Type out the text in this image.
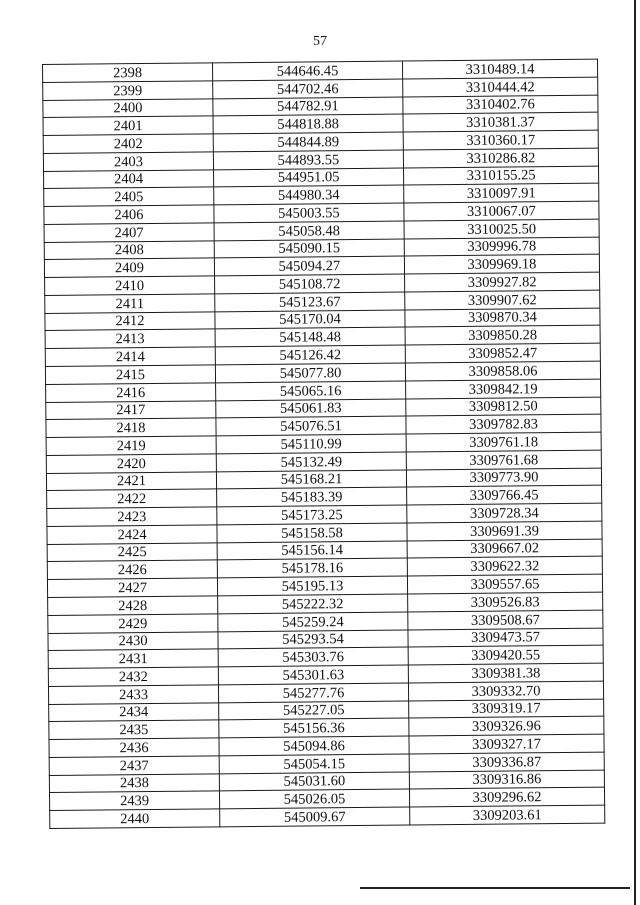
57
2398	544646.45	3310489.14
2399	544702.46	3310444.42
2400	544782.91	3310402.76
2401	544818.88	3310381.37
2402	544844.89	3310360.17
2403	544893.55	3310286.82
2404	544951.05	3310155.25
2405	544980.34	3310097.91
2406	545003.55	3310067.07
2407	545058.48	3310025.50
2408	545090.15	3309996.78
2409	545094.27	3309969.18
2410	545108.72	3309927.82
2411	545123.67	3309907.62
2412	545170.04	3309870.34
2413	545148.48	3309850.28
2414	545126.42	3309852.47
2415	545077.80	3309858.06
2416	545065.16	3309842.19
2417	545061.83	3309812.50
2418	545076.51	3309782.83
2419	545110.99	3309761.18
2420	545132.49	3309761.68
2421	545168.21	3309773.90
2422	545183.39	3309766.45
2423	545173.25	3309728.34
2424	545158.58	3309691.39
2425	545156.14	3309667.02
2426	545178.16	3309622.32
2427	545195.13	3309557.65
2428	545222.32	3309526.83
2429	545259.24	3309508.67
2430	545293.54	3309473.57
2431	545303.76	3309420.55
2432	545301.63	3309381.38
2433	545277.76	3309332.70
2434	545227.05	3309319.17
2435	545156.36	3309326.96
2436	545094.86	3309327.17
2437	545054.15	3309336.87
2438	545031.60	3309316.86
2439	545026.05	3309296.62
2440	545009.67	3309203.61
